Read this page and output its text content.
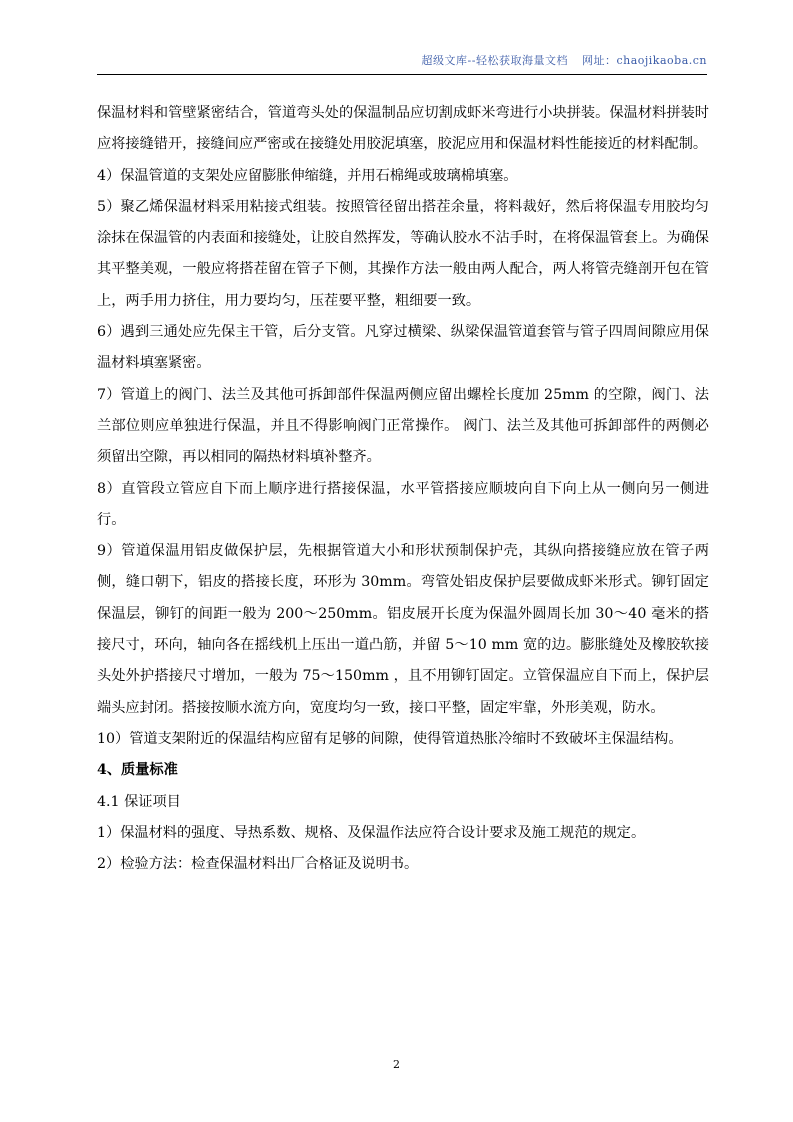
超级文库--轻松获取海量文档 网址：chaojikaoba.cn

保温材料和管壁紧密结合，管道弯头处的保温制品应切割成虾米弯进行小块拼装。保温材料拼装时应将接缝错开，接缝间应严密或在接缝处用胶泥填塞，胶泥应用和保温材料性能接近的材料配制。

4）保温管道的支架处应留膨胀伸缩缝，并用石棉绳或玻璃棉填塞。

5）聚乙烯保温材料采用粘接式组装。按照管径留出搭茬余量，将料裁好，然后将保温专用胶均匀涂抹在保温管的内表面和接缝处，让胶自然挥发，等确认胶水不沾手时，在将保温管套上。为确保其平整美观，一般应将搭茬留在管子下侧，其操作方法一般由两人配合，两人将管壳缝剖开包在管上，两手用力挤住，用力要均匀，压茬要平整，粗细要一致。

6）遇到三通处应先保主干管，后分支管。凡穿过横梁、纵梁保温管道套管与管子四周间隙应用保温材料填塞紧密。

7）管道上的阀门、法兰及其他可拆卸部件保温两侧应留出螺栓长度加 25mm 的空隙，阀门、法兰部位则应单独进行保温，并且不得影响阀门正常操作。 阀门、法兰及其他可拆卸部件的两侧必须留出空隙，再以相同的隔热材料填补整齐。

8）直管段立管应自下而上顺序进行搭接保温，水平管搭接应顺坡向自下向上从一侧向另一侧进行。

9）管道保温用铝皮做保护层，先根据管道大小和形状预制保护壳，其纵向搭接缝应放在管子两侧，缝口朝下，铝皮的搭接长度，环形为 30mm。弯管处铝皮保护层要做成虾米形式。铆钉固定保温层，铆钉的间距一般为 200～250mm。铝皮展开长度为保温外圆周长加 30～40 毫米的搭接尺寸，环向，轴向各在摇线机上压出一道凸筋，并留 5～10 mm 宽的边。膨胀缝处及橡胶软接头处外护搭接尺寸增加，一般为 75～150mm ，且不用铆钉固定。立管保温应自下而上，保护层端头应封闭。搭接按顺水流方向，宽度均匀一致，接口平整，固定牢靠，外形美观，防水。

10）管道支架附近的保温结构应留有足够的间隙，使得管道热胀冷缩时不致破坏主保温结构。

4、质量标准

4.1 保证项目

1）保温材料的强度、导热系数、规格、及保温作法应符合设计要求及施工规范的规定。

2）检验方法：检查保温材料出厂合格证及说明书。

2
